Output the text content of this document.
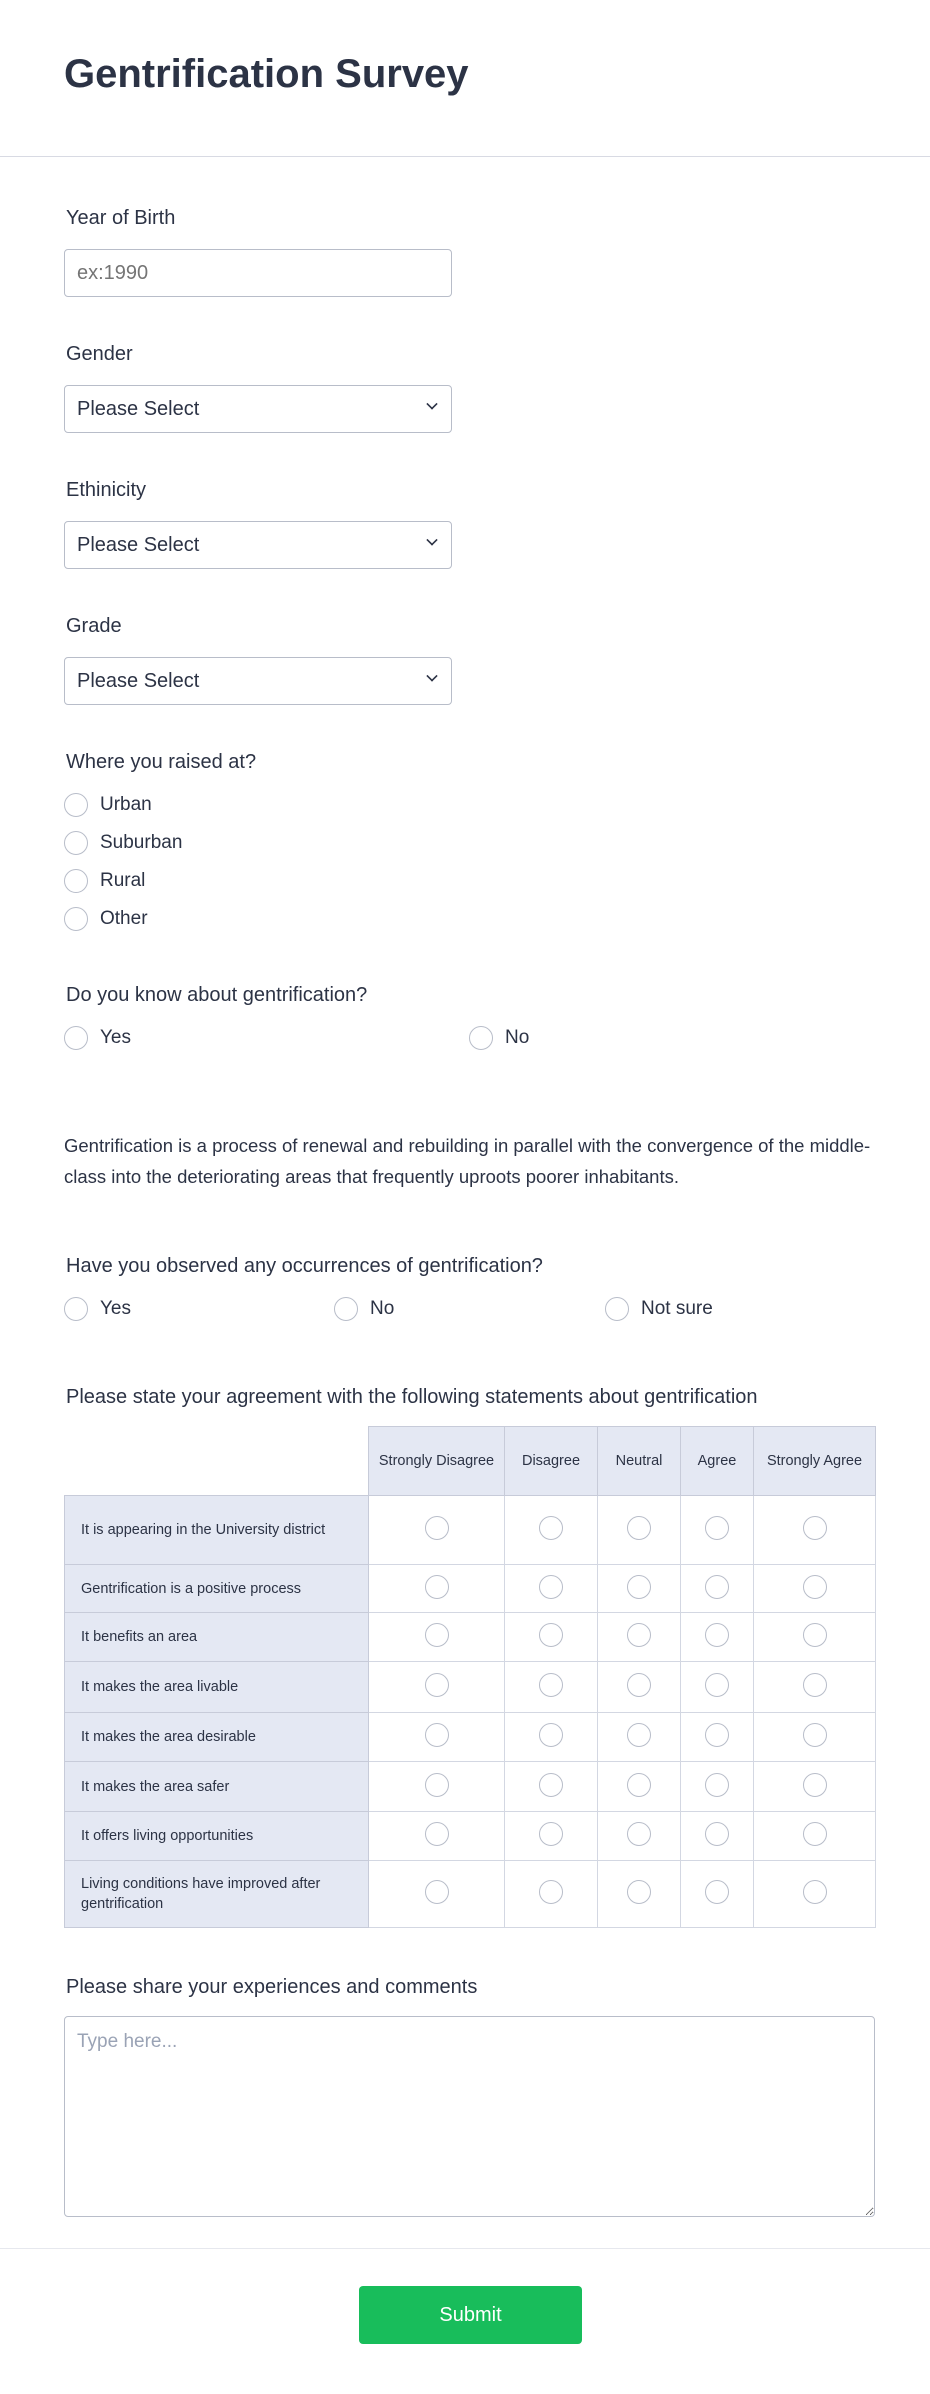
Gentrification Survey
Year of Birth
ex:1990
Gender
Please Select
Ethinicity
Please Select
Grade
Please Select
Where you raised at?
Urban
Suburban
Rural
Other
Do you know about gentrification?
Yes	No

Gentrification is a process of renewal and rebuilding in parallel with the convergence of the middle-class into the deteriorating areas that frequently uproots poorer inhabitants.

Have you observed any occurrences of gentrification?
Yes	No	Not sure
Please state your agreement with the following statements about gentrification
	Strongly Disagree	Disagree	Neutral	Agree	Strongly Agree
It is appearing in the University district					
Gentrification is a positive process					
It benefits an area					
It makes the area livable					
It makes the area desirable					
It makes the area safer					
It offers living opportunities					
Living conditions have improved after gentrification					
Please share your experiences and comments
Type here...
Submit
